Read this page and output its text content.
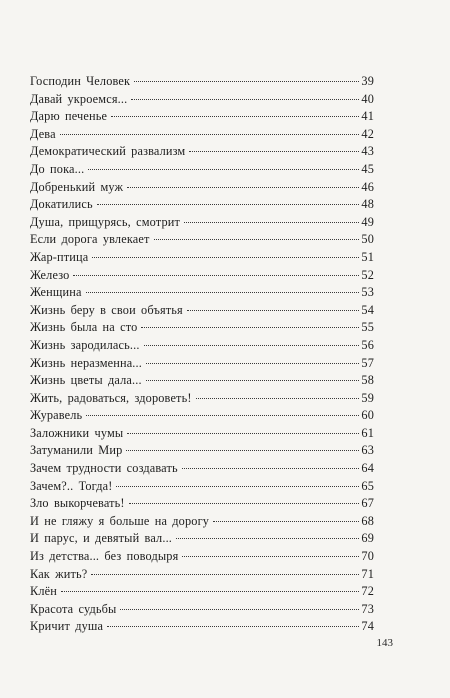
Господин Человек	39
Давай укроемся...	40
Дарю печенье	41
Дева	42
Демократический развализм	43
До пока...	45
Добренький муж	46
Докатились	48
Душа, прищурясь, смотрит	49
Если дорога увлекает	50
Жар-птица	51
Железо	52
Женщина	53
Жизнь беру в свои объятья	54
Жизнь была на сто	55
Жизнь зародилась...	56
Жизнь неразменна...	57
Жизнь цветы дала...	58
Жить, радоваться, здороветь!	59
Журавель	60
Заложники чумы	61
Затуманили Мир	63
Зачем трудности создавать	64
Зачем?.. Тогда!	65
Зло выкорчевать!	67
И не гляжу я больше на дорогу	68
И парус, и девятый вал...	69
Из детства... без поводыря	70
Как жить?	71
Клён	72
Красота судьбы	73
Кричит душа	74
143
